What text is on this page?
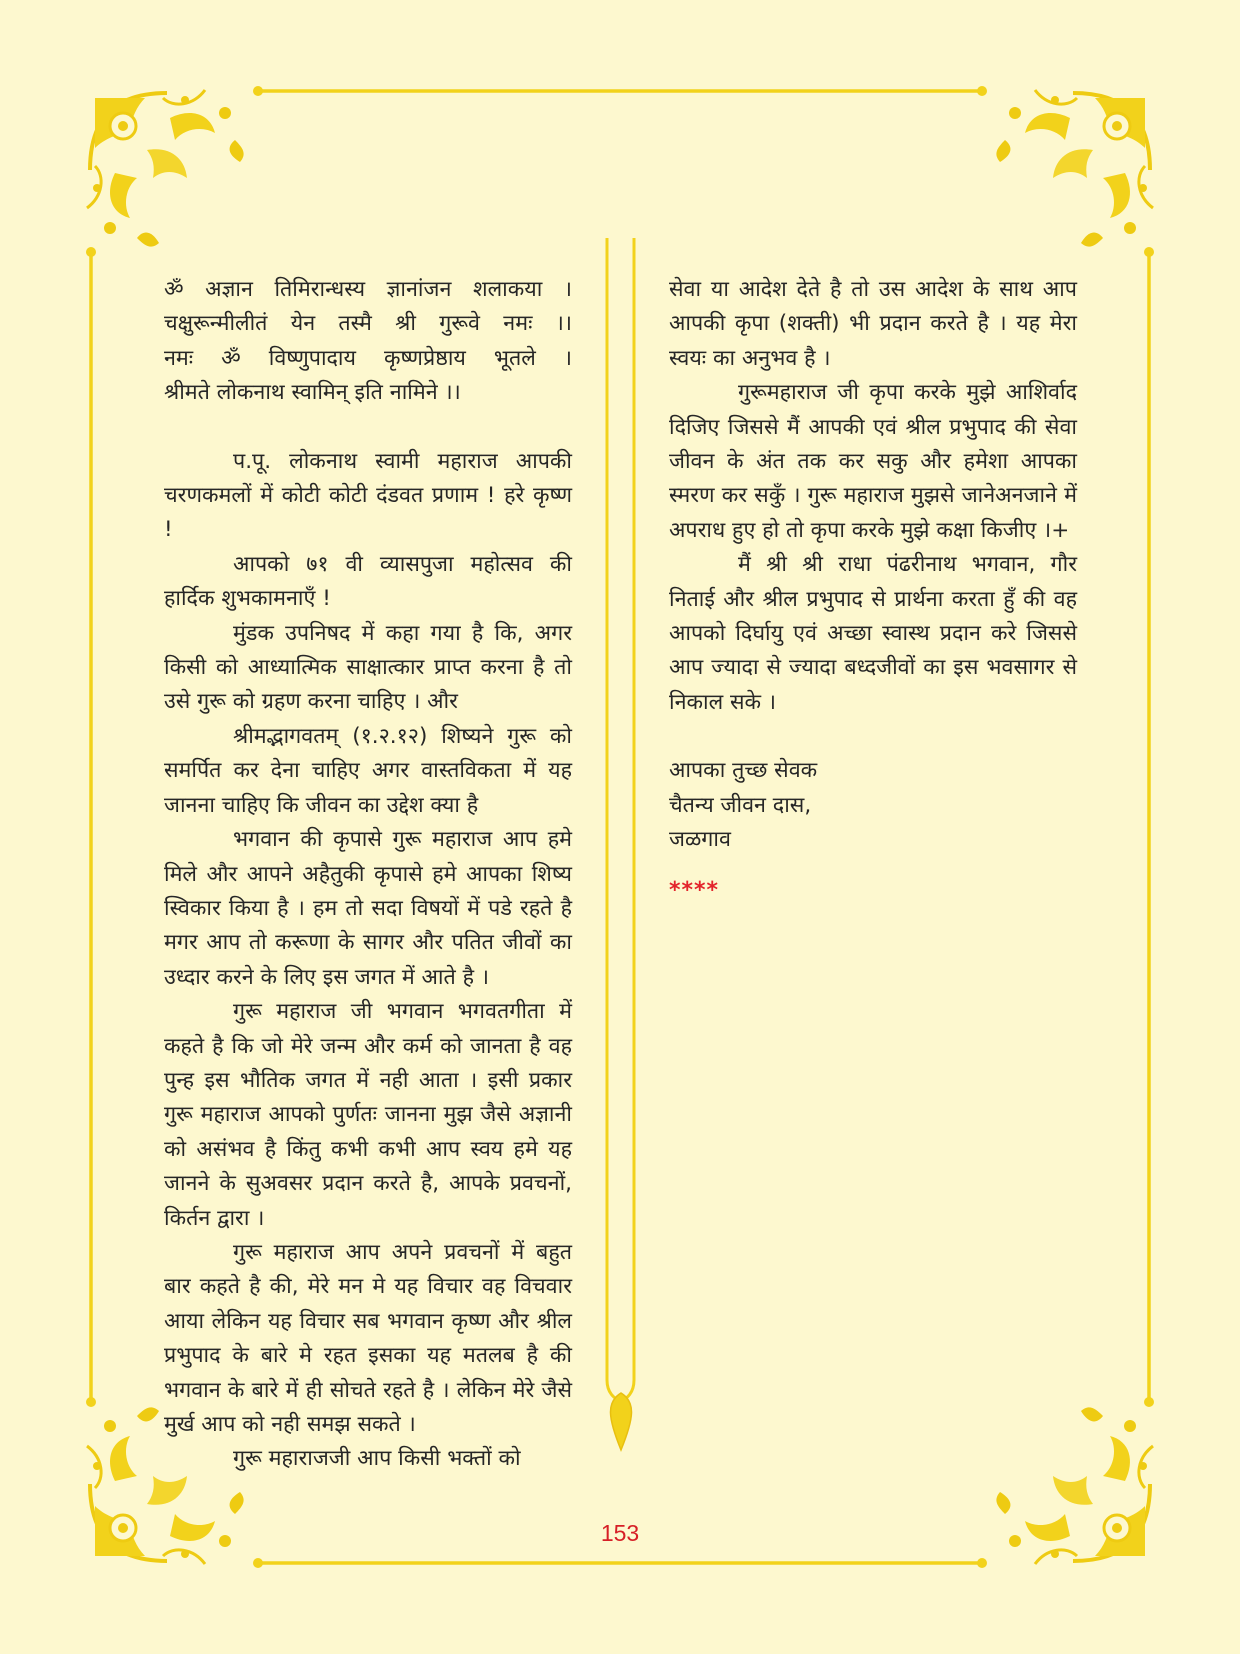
ॐ अज्ञान तिमिरान्धस्य ज्ञानांजन शलाकया ।
चक्षुरून्मीलीतं येन तस्मै श्री गुरूवे नमः ।।
नमः ॐ विष्णुपादाय कृष्णप्रेष्ठाय भूतले ।
श्रीमते लोकनाथ स्वामिन् इति नामिने ।।

प.पू. लोकनाथ स्वामी महाराज आपकी चरणकमलों में कोटी कोटी दंडवत प्रणाम ! हरे कृष्ण !

आपको ७१ वी व्यासपुजा महोत्सव की हार्दिक शुभकामनाएँ !

मुंडक उपनिषद में कहा गया है कि, अगर किसी को आध्यात्मिक साक्षात्कार प्राप्त करना है तो उसे गुरू को ग्रहण करना चाहिए । और

श्रीमद्भागवतम् (१.२.१२) शिष्यने गुरू को समर्पित कर देना चाहिए अगर वास्तविकता में यह जानना चाहिए कि जीवन का उद्देश क्या है

भगवान की कृपासे गुरू महाराज आप हमे मिले और आपने अहैतुकी कृपासे हमे आपका शिष्य स्विकार किया है । हम तो सदा विषयों में पडे रहते है मगर आप तो करूणा के सागर और पतित जीवों का उध्दार करने के लिए इस जगत में आते है ।

गुरू महाराज जी भगवान भगवतगीता में कहते है कि जो मेरे जन्म और कर्म को जानता है वह पुन्ह इस भौतिक जगत में नही आता । इसी प्रकार गुरू महाराज आपको पुर्णतः जानना मुझ जैसे अज्ञानी को असंभव है किंतु कभी कभी आप स्वय हमे यह जानने के सुअवसर प्रदान करते है, आपके प्रवचनों, किर्तन द्वारा ।

गुरू महाराज आप अपने प्रवचनों में बहुत बार कहते है की, मेरे मन मे यह विचार वह विचवार आया लेकिन यह विचार सब भगवान कृष्ण और श्रील प्रभुपाद के बारे मे रहत इसका यह मतलब है की भगवान के बारे में ही सोचते रहते है । लेकिन मेरे जैसे मुर्ख आप को नही समझ सकते ।

गुरू महाराजजी आप किसी भक्तों को

सेवा या आदेश देते है तो उस आदेश के साथ आप आपकी कृपा (शक्ती) भी प्रदान करते है । यह मेरा स्वयः का अनुभव है ।

गुरूमहाराज जी कृपा करके मुझे आशिर्वाद दिजिए जिससे मैं आपकी एवं श्रील प्रभुपाद की सेवा जीवन के अंत तक कर सकु और हमेशा आपका स्मरण कर सकुँ । गुरू महाराज मुझसे जानेअनजाने में अपराध हुए हो तो कृपा करके मुझे कक्षा किजीए ।+

मैं श्री श्री राधा पंढरीनाथ भगवान, गौर निताई और श्रील प्रभुपाद से प्रार्थना करता हुँ की वह आपको दिर्घायु एवं अच्छा स्वास्थ प्रदान करे जिससे आप ज्यादा से ज्यादा बध्दजीवों का इस भवसागर से निकाल सके ।

आपका तुच्छ सेवक

चैतन्य जीवन दास,

जळगाव

****
153
